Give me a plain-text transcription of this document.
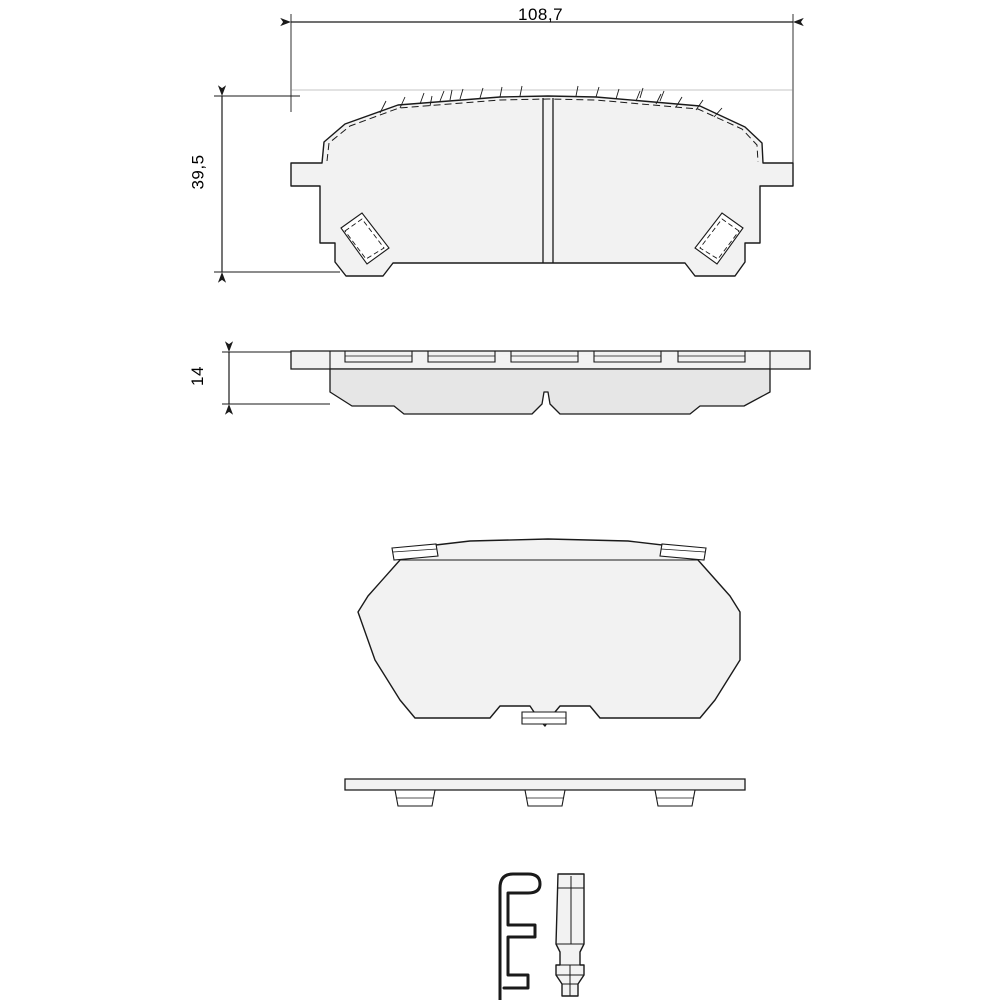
108,7
39,5
14
